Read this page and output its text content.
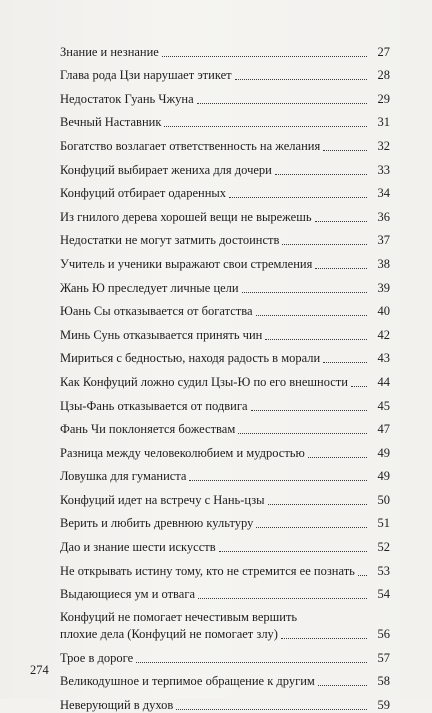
Знание и незнание	27
Глава рода Цзи нарушает этикет	28
Недостаток Гуань Чжуна	29
Вечный Наставник	31
Богатство возлагает ответственность на желания	32
Конфуций выбирает жениха для дочери	33
Конфуций отбирает одаренных	34
Из гнилого дерева хорошей вещи не вырежешь	36
Недостатки не могут затмить достоинств	37
Учитель и ученики выражают свои стремления	38
Жань Ю преследует личные цели	39
Юань Сы отказывается от богатства	40
Минь Сунь отказывается принять чин	42
Мириться с бедностью, находя радость в морали	43
Как Конфуций ложно судил Цзы-Ю по его внешности	44
Цзы-Фань отказывается от подвига	45
Фань Чи поклоняется божествам	47
Разница между человеколюбием и мудростью	49
Ловушка для гуманиста	49
Конфуций идет на встречу с Нань-цзы	50
Верить и любить древнюю культуру	51
Дао и знание шести искусств	52
Не открывать истину тому, кто не стремится ее познать	53
Выдающиеся ум и отвага	54
Конфуций не помогает нечестивым вершить
плохие дела (Конфуций не помогает злу)	56
Трое в дороге	57
Великодушное и терпимое обращение к другим	58
Неверующий в духов	59
274
